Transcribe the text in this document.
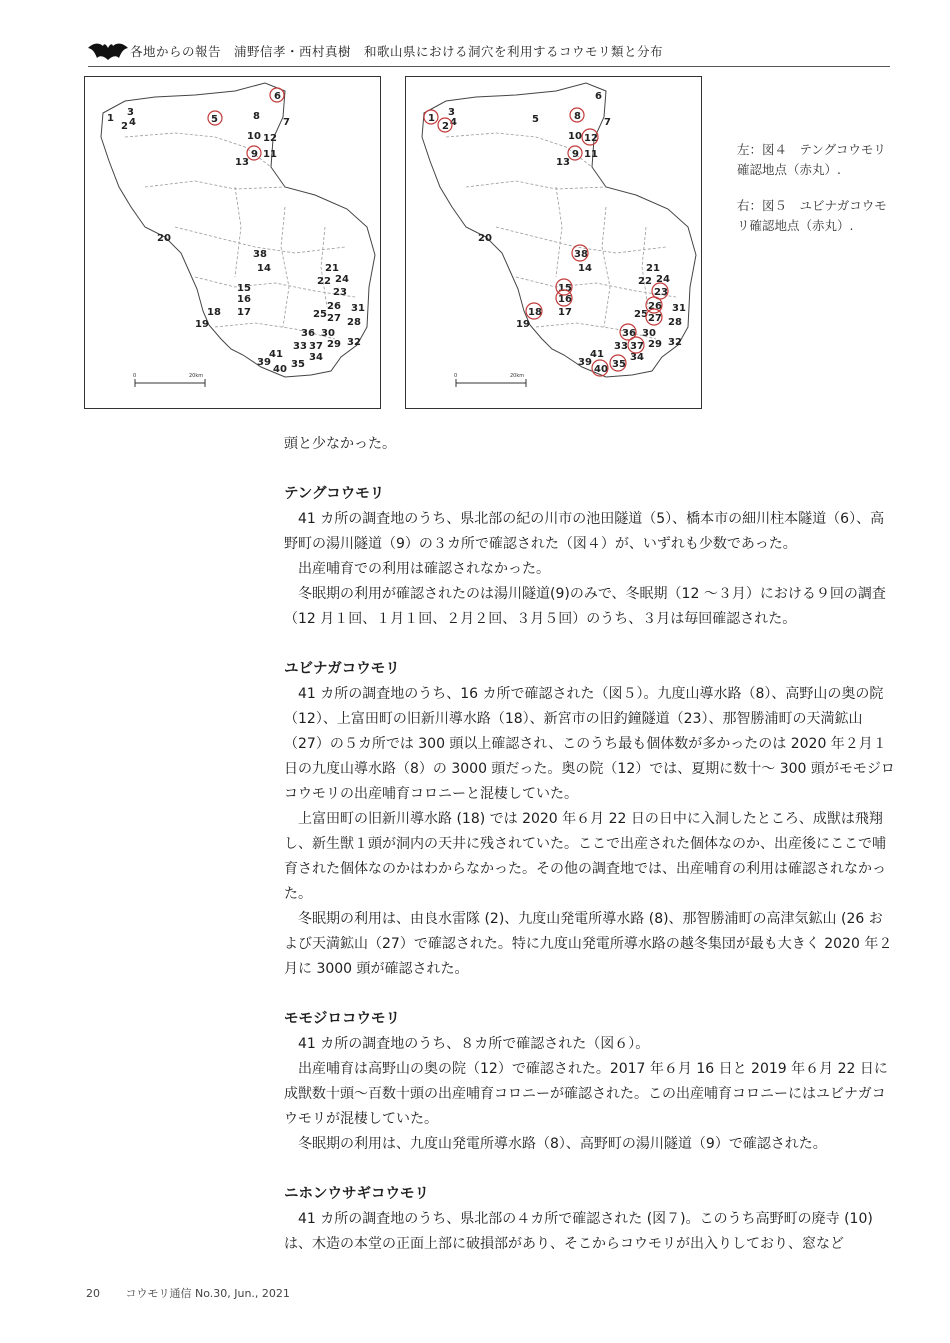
各地からの報告　浦野信孝・西村真樹　和歌山県における洞穴を利用するコウモリ類と分布
0	20km
1
2
3
4	5
6
7
8
9
10
11
12
13
14
15
16
17
18
19
20
21
22
23
24
25
26
27 28
29
30
31
32
33
34
35
36
37
38
39
40
41
0	20km
1
2
3
4	5
6
7
8
9
10
11
12
13
14
15
16
17
18
19
20
21
22
23
24
25
26
27 28
29
30
31
32
33
34
35
36
37
38
39
40
41

左：図４　テングコウモリ確認地点（赤丸）.

右：図５　ユビナガコウモリ確認地点（赤丸）.

頭と少なかった。

テングコウモリ

41 カ所の調査地のうち、県北部の紀の川市の池田隧道（5）、橋本市の細川柱本隧道（6）、高野町の湯川隧道（9）の３カ所で確認された（図４）が、いずれも少数であった。

出産哺育での利用は確認されなかった。

冬眠期の利用が確認されたのは湯川隧道(9)のみで、冬眠期（12 〜３月）における９回の調査（12 月１回、１月１回、２月２回、３月５回）のうち、３月は毎回確認された。

ユビナガコウモリ

41 カ所の調査地のうち、16 カ所で確認された（図５）。九度山導水路（8）、高野山の奥の院（12）、上富田町の旧新川導水路（18）、新宮市の旧釣鐘隧道（23）、那智勝浦町の天満鉱山（27）の５カ所では 300 頭以上確認され、このうち最も個体数が多かったのは 2020 年２月１日の九度山導水路（8）の 3000 頭だった。奥の院（12）では、夏期に数十〜 300 頭がモモジロコウモリの出産哺育コロニーと混棲していた。

上富田町の旧新川導水路 (18) では 2020 年６月 22 日の日中に入洞したところ、成獣は飛翔し、新生獣１頭が洞内の天井に残されていた。ここで出産された個体なのか、出産後にここで哺育された個体なのかはわからなかった。その他の調査地では、出産哺育の利用は確認されなかった。

冬眠期の利用は、由良水雷隊 (2)、九度山発電所導水路 (8)、那智勝浦町の高津気鉱山 (26 および天満鉱山（27）で確認された。特に九度山発電所導水路の越冬集団が最も大きく 2020 年２月に 3000 頭が確認された。

モモジロコウモリ

41 カ所の調査地のうち、８カ所で確認された（図６）。

出産哺育は高野山の奥の院（12）で確認された。2017 年６月 16 日と 2019 年６月 22 日に成獣数十頭〜百数十頭の出産哺育コロニーが確認された。この出産哺育コロニーにはユビナガコウモリが混棲していた。

冬眠期の利用は、九度山発電所導水路（8）、高野町の湯川隧道（9）で確認された。

ニホンウサギコウモリ

41 カ所の調査地のうち、県北部の４カ所で確認された (図７)。このうち高野町の廃寺 (10) は、木造の本堂の正面上部に破損部があり、そこからコウモリが出入りしており、窓など

20 コウモリ通信 No.30, Jun., 2021
